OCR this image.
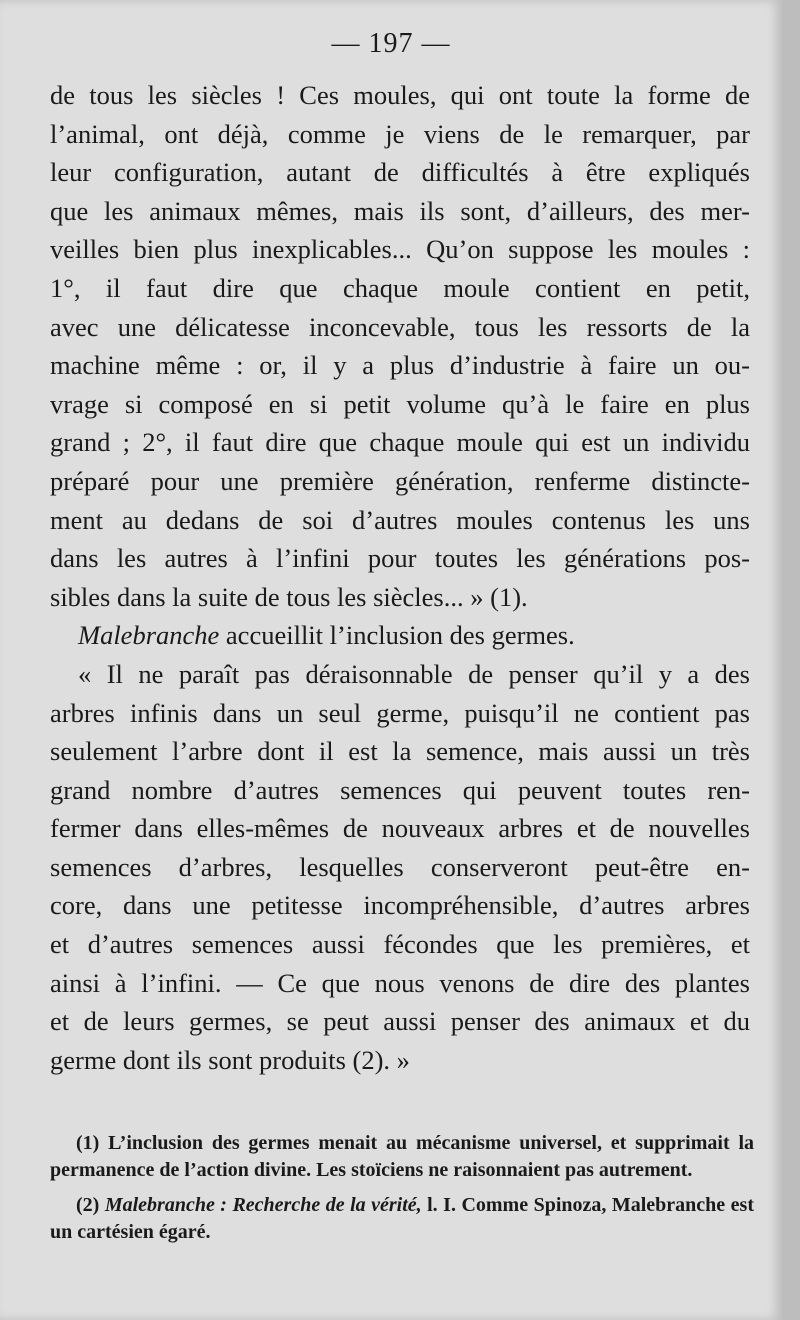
— 197 —

de tous les siècles ! Ces moules, qui ont toute la forme de
l’animal, ont déjà, comme je viens de le remarquer, par
leur configuration, autant de difficultés à être expliqués
que les animaux mêmes, mais ils sont, d’ailleurs, des mer-
veilles bien plus inexplicables... Qu’on suppose les moules :
1°, il faut dire que chaque moule contient en petit,
avec une délicatesse inconcevable, tous les ressorts de la
machine même : or, il y a plus d’industrie à faire un ou-
vrage si composé en si petit volume qu’à le faire en plus
grand ; 2°, il faut dire que chaque moule qui est un individu
préparé pour une première génération, renferme distincte-
ment au dedans de soi d’autres moules contenus les uns
dans les autres à l’infini pour toutes les générations pos-
sibles dans la suite de tous les siècles... » (1).

Malebranche accueillit l’inclusion des germes.

« Il ne paraît pas déraisonnable de penser qu’il y a des
arbres infinis dans un seul germe, puisqu’il ne contient pas
seulement l’arbre dont il est la semence, mais aussi un très
grand nombre d’autres semences qui peuvent toutes ren-
fermer dans elles-mêmes de nouveaux arbres et de nouvelles
semences d’arbres, lesquelles conserveront peut-être en-
core, dans une petitesse incompréhensible, d’autres arbres
et d’autres semences aussi fécondes que les premières, et
ainsi à l’infini. — Ce que nous venons de dire des plantes
et de leurs germes, se peut aussi penser des animaux et du
germe dont ils sont produits (2). »

(1) L’inclusion des germes menait au mécanisme universel, et supprimait la permanence de l’action divine. Les stoïciens ne raisonnaient pas autrement.

(2) Malebranche : Recherche de la vérité, l. I. Comme Spinoza, Malebranche est un cartésien égaré.
